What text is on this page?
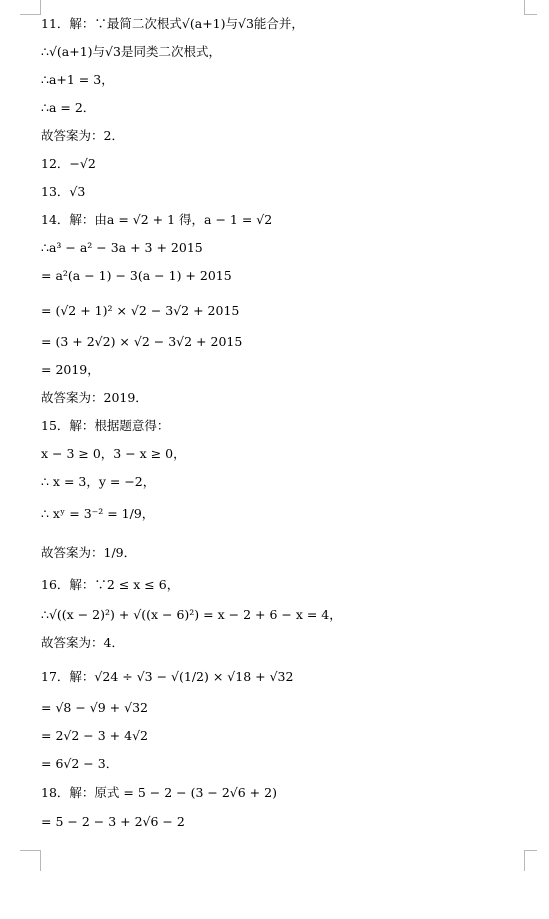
11．解：∵最简二次根式√(a+1)与√3能合并，
∴√(a+1)与√3是同类二次根式，
∴a+1 = 3，
∴a = 2．
故答案为：2．
12．−√2
13．√3
14．解：由a = √2 + 1 得，a − 1 = √2
∴a³ − a² − 3a + 3 + 2015
= a²(a − 1) − 3(a − 1) + 2015
= (√2 + 1)² × √2 − 3√2 + 2015
= (3 + 2√2) × √2 − 3√2 + 2015
= 2019，
故答案为：2019．
15．解：根据题意得：
x − 3 ≥ 0，3 − x ≥ 0，
∴ x = 3，y = −2，
∴ xʸ = 3⁻² = 1/9，
故答案为：1/9．
16．解：∵2 ≤ x ≤ 6，
∴√((x − 2)²) + √((x − 6)²) = x − 2 + 6 − x = 4，
故答案为：4．
17．解：√24 ÷ √3 − √(1/2) × √18 + √32
= √8 − √9 + √32
= 2√2 − 3 + 4√2
= 6√2 − 3．
18．解：原式 = 5 − 2 − (3 − 2√6 + 2)
= 5 − 2 − 3 + 2√6 − 2
